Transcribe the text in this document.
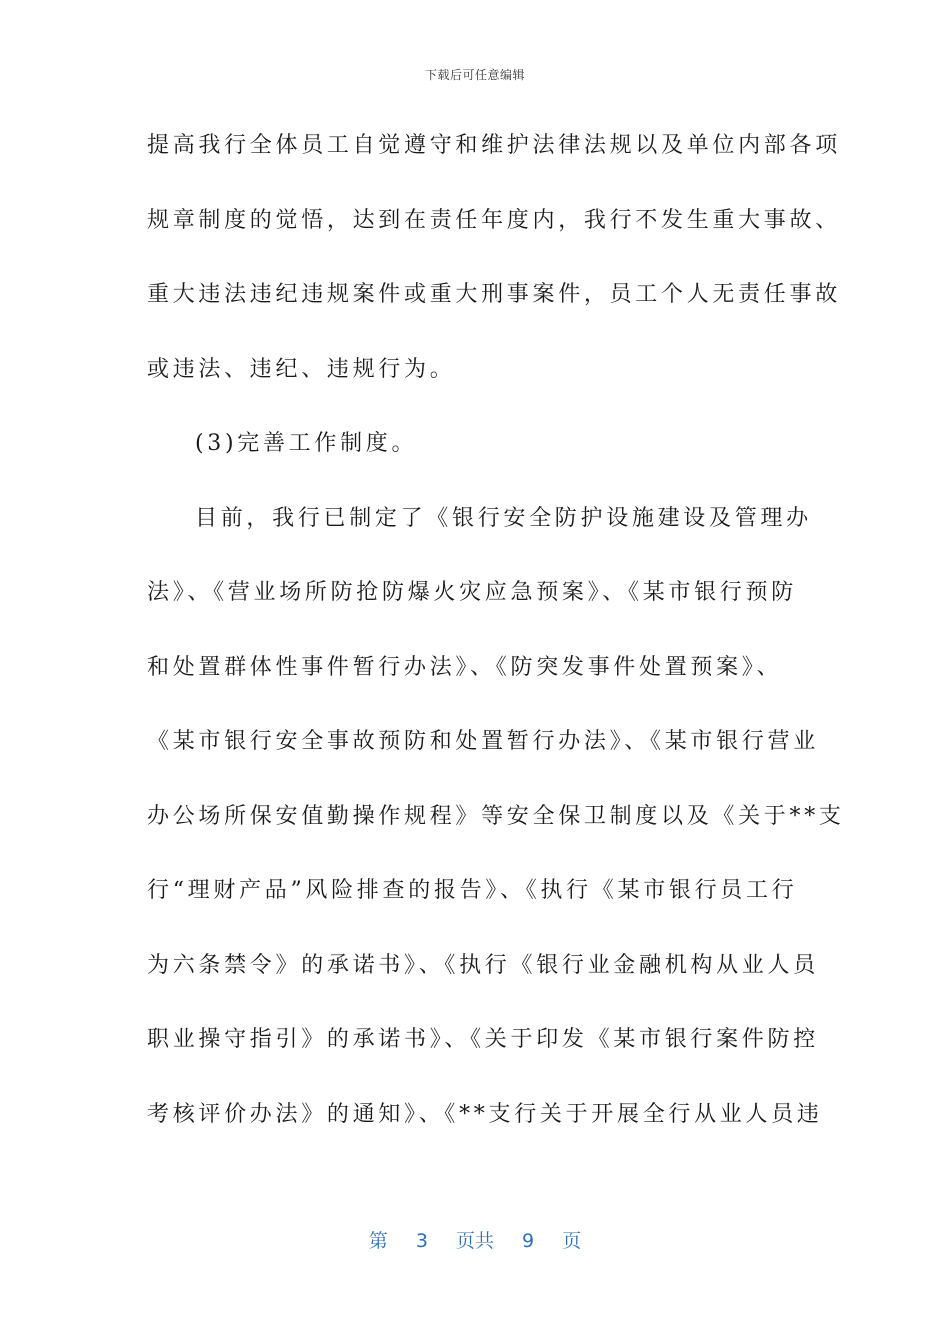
下载后可任意编辑
提高我行全体员工自觉遵守和维护法律法规以及单位内部各项
规章制度的觉悟，达到在责任年度内，我行不发生重大事故、
重大违法违纪违规案件或重大刑事案件，员工个人无责任事故
或违法、违纪、违规行为。
(3)完善工作制度。
目前，我行已制定了《银行安全防护设施建设及管理办
法》、《营业场所防抢防爆火灾应急预案》、《某市银行预防
和处置群体性事件暂行办法》、《防突发事件处置预案》、
《某市银行安全事故预防和处置暂行办法》、《某市银行营业
办公场所保安值勤操作规程》等安全保卫制度以及《关于**支
行“理财产品”风险排查的报告》、《执行《某市银行员工行
为六条禁令》的承诺书》、《执行《银行业金融机构从业人员
职业操守指引》的承诺书》、《关于印发《某市银行案件防控
考核评价办法》的通知》、《**支行关于开展全行从业人员违
第 3 页共 9 页
